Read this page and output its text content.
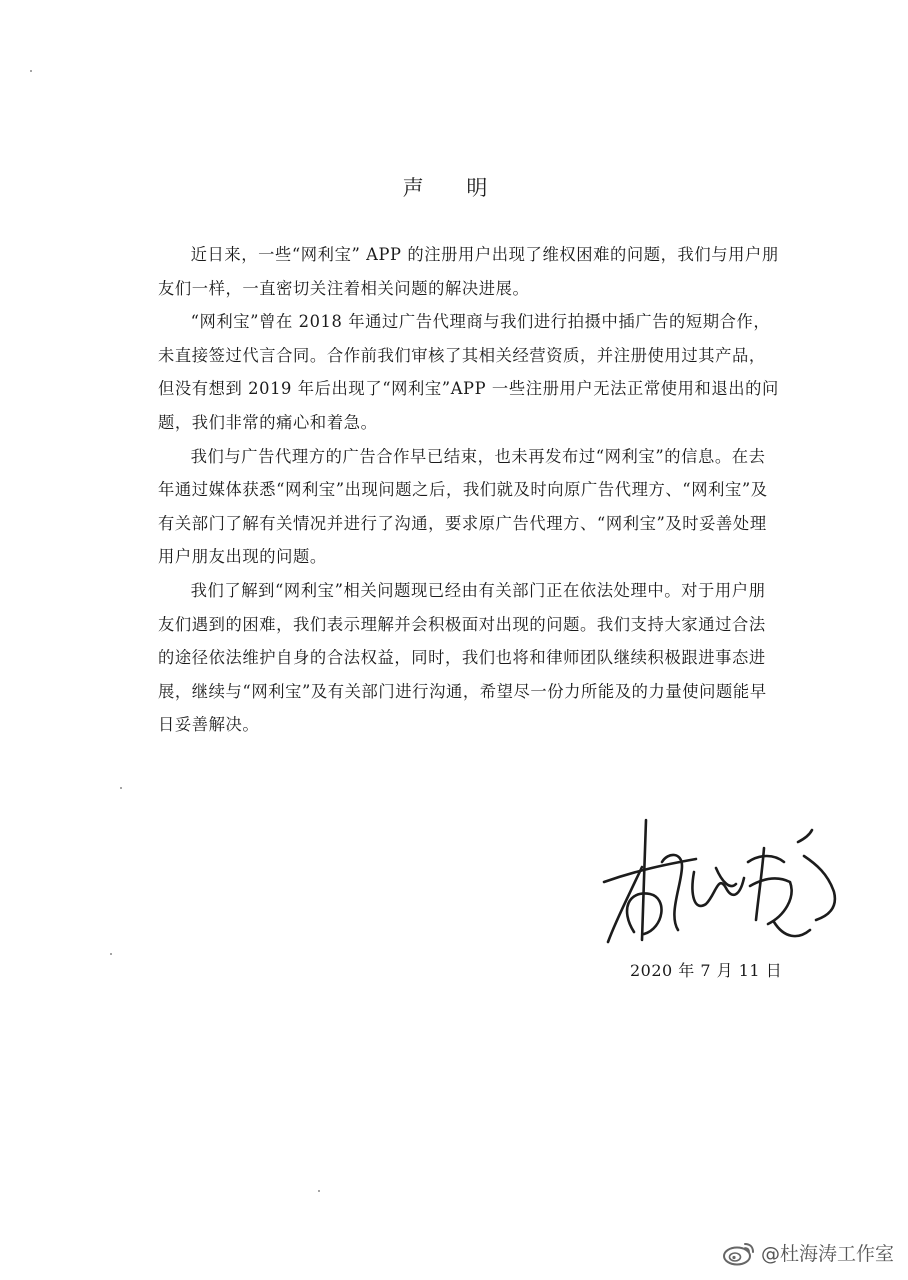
声 明

近日来，一些“网利宝” APP 的注册用户出现了维权困难的问题，我们与用户朋友们一样，一直密切关注着相关问题的解决进展。

“网利宝”曾在 2018 年通过广告代理商与我们进行拍摄中插广告的短期合作，未直接签过代言合同。合作前我们审核了其相关经营资质，并注册使用过其产品，但没有想到 2019 年后出现了“网利宝”APP 一些注册用户无法正常使用和退出的问题，我们非常的痛心和着急。

我们与广告代理方的广告合作早已结束，也未再发布过“网利宝”的信息。在去年通过媒体获悉“网利宝”出现问题之后，我们就及时向原广告代理方、“网利宝”及有关部门了解有关情况并进行了沟通，要求原广告代理方、“网利宝”及时妥善处理用户朋友出现的问题。

我们了解到“网利宝”相关问题现已经由有关部门正在依法处理中。对于用户朋友们遇到的困难，我们表示理解并会积极面对出现的问题。我们支持大家通过合法的途径依法维护自身的合法权益，同时，我们也将和律师团队继续积极跟进事态进展，继续与“网利宝”及有关部门进行沟通，希望尽一份力所能及的力量使问题能早日妥善解决。

2020 年 7 月 11 日
@杜海涛工作室
